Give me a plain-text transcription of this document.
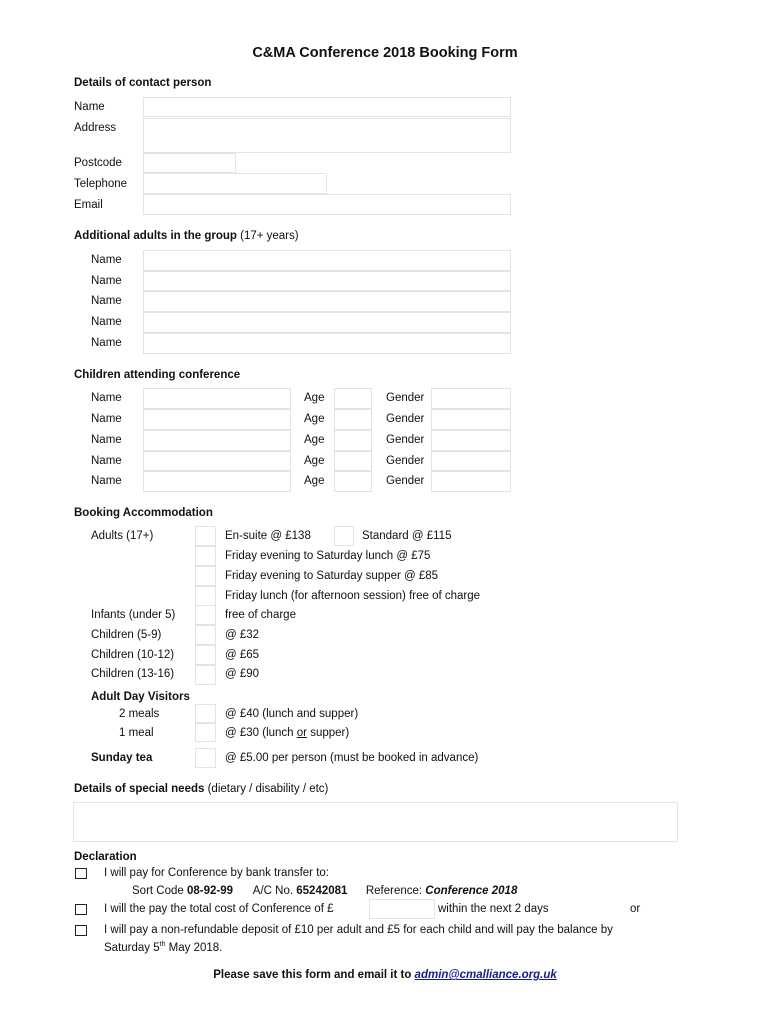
C&MA Conference 2018 Booking Form
Details of contact person
Name
Address
Postcode
Telephone
Email
Additional adults in the group (17+ years)
Name
Name
Name
Name
Name
Children attending conference
Name	Age	Gender
Name	Age	Gender
Name	Age	Gender
Name	Age	Gender
Name	Age	Gender
Booking Accommodation
Adults (17+)	En-suite @ £138	Standard @ £115
Friday evening to Saturday lunch @ £75
Friday evening to Saturday supper @ £85
Friday lunch (for afternoon session) free of charge
Infants (under 5)	free of charge
Children (5-9)	@ £32
Children (10-12)	@ £65
Children (13-16)	@ £90
Adult Day Visitors
2 meals	@ £40 (lunch and supper)
1 meal	@ £30 (lunch or supper)
Sunday tea	@ £5.00 per person (must be booked in advance)
Details of special needs (dietary / disability / etc)
Declaration
I will pay for Conference by bank transfer to:
Sort Code 08-92-99 A/C No. 65242081 Reference: Conference 2018
I will the pay the total cost of Conference of £	within the next 2 days	or
I will pay a non-refundable deposit of £10 per adult and £5 for each child and will pay the balance by
Saturday 5th May 2018.
Please save this form and email it to admin@cmalliance.org.uk
